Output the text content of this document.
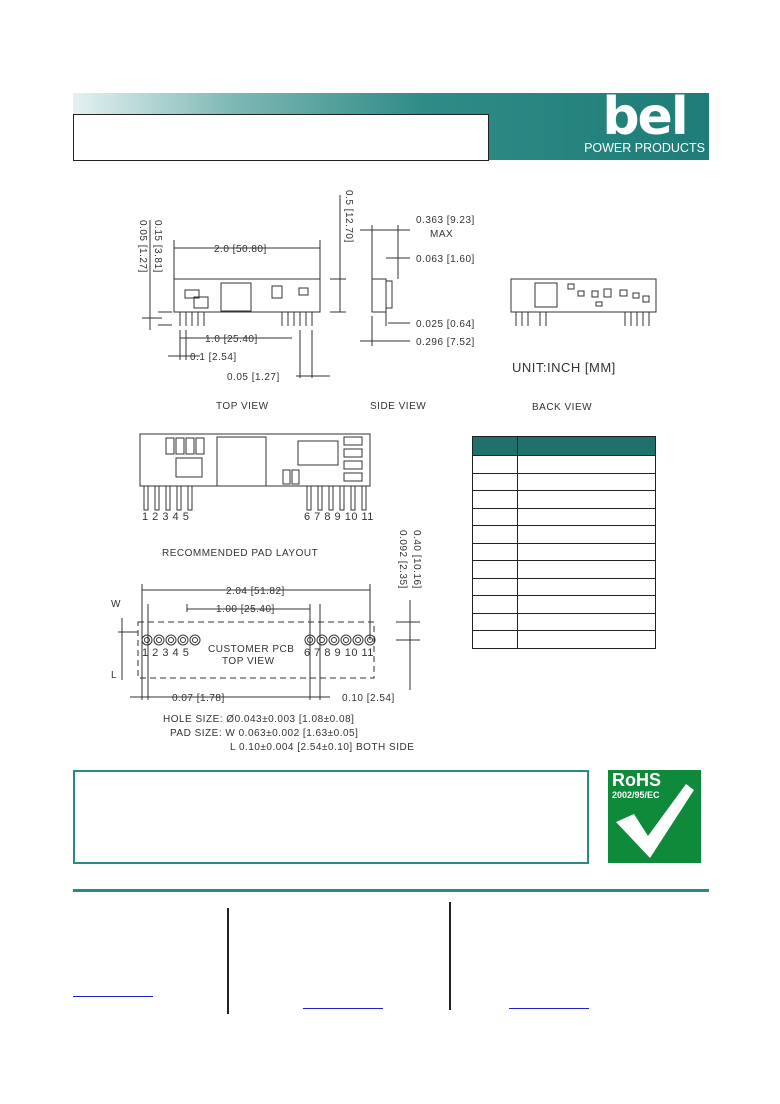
bel
POWER PRODUCTS
2.0 [50.80]
0.15 [3.81]
0.05 [1.27]
1.0 [25.40]
0.1 [2.54]
0.05 [1.27]
0.5 [12.70]
TOP VIEW
0.363 [9.23]
MAX
0.063 [1.60]
0.025 [0.64]
0.296 [7.52]
SIDE VIEW
UNIT:INCH [MM]
BACK VIEW
1 2 3 4 5	6 7 8 9 10 11
RECOMMENDED PAD LAYOUT	0.092 [2.35] 0.40 [10.16]
2.04 [51.82]
1.00 [25.40]
W
L
CUSTOMER PCB
TOP VIEW
1 2 3 4 5	6 7 8 9 10 11
0.07 [1.78]	0.10 [2.54]
HOLE SIZE: Ø0.043±0.003 [1.08±0.08]
PAD SIZE: W 0.063±0.002 [1.63±0.05]
L 0.10±0.004 [2.54±0.10] BOTH SIDE

RoHS
2002/95/EC
